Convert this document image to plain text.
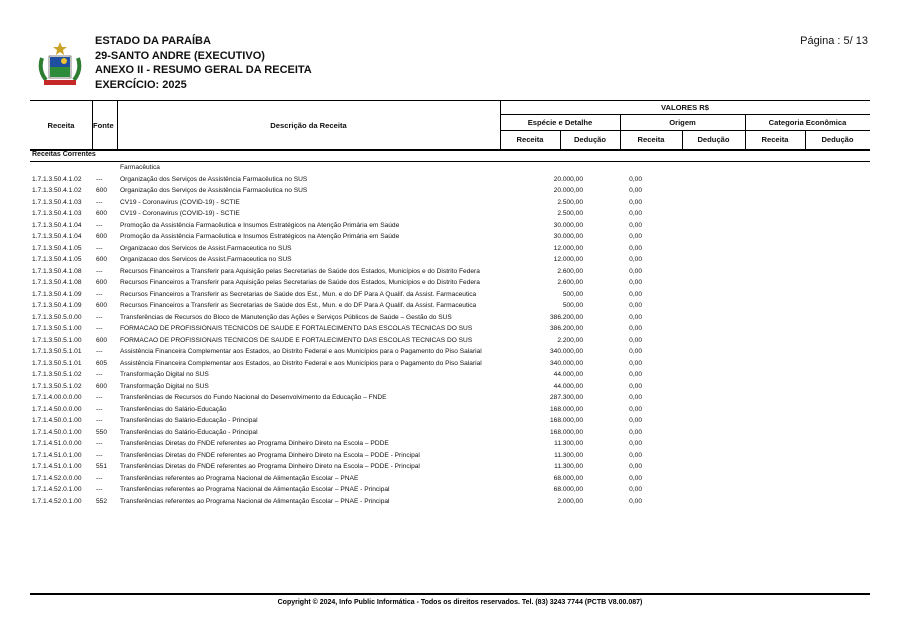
ESTADO DA PARAÍBA
29-SANTO ANDRE (EXECUTIVO)
ANEXO II - RESUMO GERAL DA RECEITA
EXERCÍCIO: 2025
Página : 5/ 13
Receita	Fonte	Descrição da Receita
VALORES R$
Espécie e Detalhe	Origem	Categoria Econômica
Receita	Dedução	Receita	Dedução	Receita	Dedução
Receitas Correntes
Farmacêutica
1.7.1.3.50.4.1.02	---	Organização dos Serviços de Assistência Farmacêutica no SUS	20.000,00	0,00
1.7.1.3.50.4.1.02	600	Organização dos Serviços de Assistência Farmacêutica no SUS	20.000,00	0,00
1.7.1.3.50.4.1.03	---	CV19 - Coronavirus (COVID-19) - SCTIE	2.500,00	0,00
1.7.1.3.50.4.1.03	600	CV19 - Coronavirus (COVID-19) - SCTIE	2.500,00	0,00
1.7.1.3.50.4.1.04	---	Promoção da Assistência Farmacêutica e Insumos Estratégicos na Atenção Primária em Saúde	30.000,00	0,00
1.7.1.3.50.4.1.04	600	Promoção da Assistência Farmacêutica e Insumos Estratégicos na Atenção Primária em Saúde	30.000,00	0,00
1.7.1.3.50.4.1.05	---	Organizacao dos Servicos de Assist.Farmaceutica no SUS	12.000,00	0,00
1.7.1.3.50.4.1.05	600	Organizacao dos Servicos de Assist.Farmaceutica no SUS	12.000,00	0,00
1.7.1.3.50.4.1.08	---	Recursos Financeiros a Transferir para Aquisição pelas Secretarias de Saúde dos Estados, Municípios e do Distrito Federa	2.600,00	0,00
1.7.1.3.50.4.1.08	600	Recursos Financeiros a Transferir para Aquisição pelas Secretarias de Saúde dos Estados, Municípios e do Distrito Federa	2.600,00	0,00
1.7.1.3.50.4.1.09	---	Recursos Financeiros a Transferir as Secretarias de Saúde dos Est., Mun. e do DF Para A Qualif. da Assist. Farmaceutica	500,00	0,00
1.7.1.3.50.4.1.09	600	Recursos Financeiros a Transferir as Secretarias de Saúde dos Est., Mun. e do DF Para A Qualif. da Assist. Farmaceutica	500,00	0,00
1.7.1.3.50.5.0.00	---	Transferências de Recursos do Bloco de Manutenção das Ações e Serviços Públicos de Saúde – Gestão do SUS	386.200,00	0,00
1.7.1.3.50.5.1.00	---	FORMACAO DE PROFISSIONAIS TECNICOS DE SAUDE E FORTALECIMENTO DAS ESCOLAS TECNICAS DO SUS	386.200,00	0,00
1.7.1.3.50.5.1.00	600	FORMACAO DE PROFISSIONAIS TECNICOS DE SAUDE E FORTALECIMENTO DAS ESCOLAS TECNICAS DO SUS	2.200,00	0,00
1.7.1.3.50.5.1.01	---	Assistência Financeira Complementar aos Estados, ao Distrito Federal e aos Municípios para o Pagamento do Piso Salarial	340.000,00	0,00
1.7.1.3.50.5.1.01	605	Assistência Financeira Complementar aos Estados, ao Distrito Federal e aos Municípios para o Pagamento do Piso Salarial	340.000,00	0,00
1.7.1.3.50.5.1.02	---	Transformação Digital no SUS	44.000,00	0,00
1.7.1.3.50.5.1.02	600	Transformação Digital no SUS	44.000,00	0,00
1.7.1.4.00.0.0.00	---	Transferências de Recursos do Fundo Nacional do Desenvolvimento da Educação – FNDE	287.300,00	0,00
1.7.1.4.50.0.0.00	---	Transferências do Salário-Educação	168.000,00	0,00
1.7.1.4.50.0.1.00	---	Transferências do Salário-Educação - Principal	168.000,00	0,00
1.7.1.4.50.0.1.00	550	Transferências do Salário-Educação - Principal	168.000,00	0,00
1.7.1.4.51.0.0.00	---	Transferências Diretas do FNDE referentes ao Programa Dinheiro Direto na Escola – PDDE	11.300,00	0,00
1.7.1.4.51.0.1.00	---	Transferências Diretas do FNDE referentes ao Programa Dinheiro Direto na Escola – PDDE - Principal	11.300,00	0,00
1.7.1.4.51.0.1.00	551	Transferências Diretas do FNDE referentes ao Programa Dinheiro Direto na Escola – PDDE - Principal	11.300,00	0,00
1.7.1.4.52.0.0.00	---	Transferências referentes ao Programa Nacional de Alimentação Escolar – PNAE	68.000,00	0,00
1.7.1.4.52.0.1.00	---	Transferências referentes ao Programa Nacional de Alimentação Escolar – PNAE - Principal	68.000,00	0,00
1.7.1.4.52.0.1.00	552	Transferências referentes ao Programa Nacional de Alimentação Escolar – PNAE - Principal	2.000,00	0,00
Copyright © 2024, Info Public Informática - Todos os direitos reservados. Tel. (83) 3243 7744 (PCTB V8.00.087)
